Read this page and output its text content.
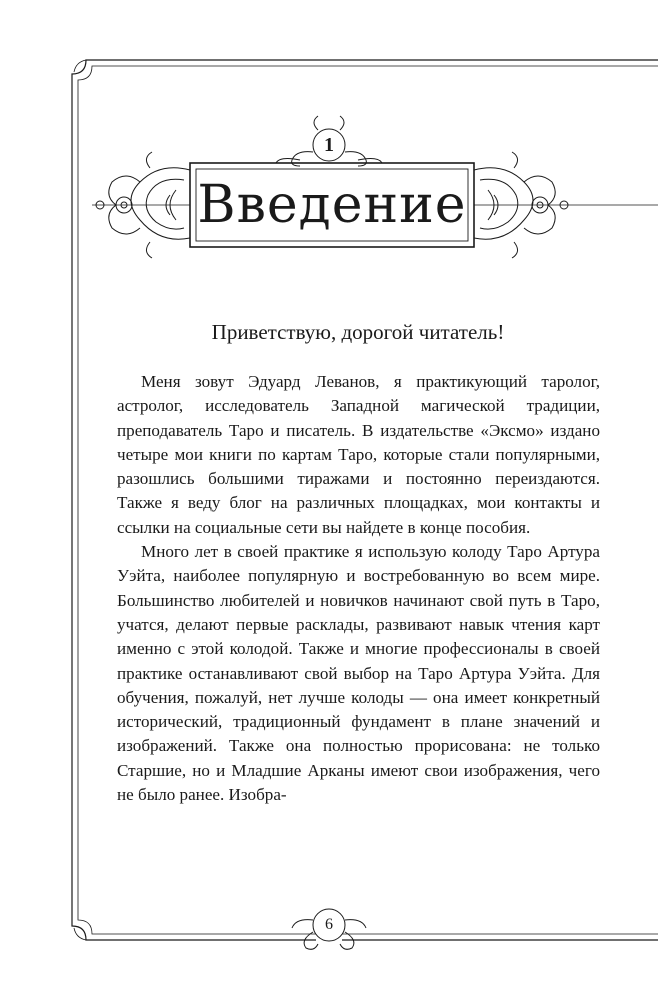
1
Введение
Приветствую, дорогой читатель!

Меня зовут Эдуард Леванов, я практикующий таролог, астролог, исследователь Западной магической традиции, преподаватель Таро и писатель. В издательстве «Эксмо» издано четыре мои книги по картам Таро, которые стали популярными, разошлись большими тиражами и постоянно переиздаются. Также я веду блог на различных площадках, мои контакты и ссылки на социальные сети вы найдете в конце пособия.

Много лет в своей практике я использую колоду Таро Артура Уэйта, наиболее популярную и востребованную во всем мире. Большинство любителей и новичков начинают свой путь в Таро, учатся, делают первые расклады, развивают навык чтения карт именно с этой колодой. Также и многие профессионалы в своей практике останавливают свой выбор на Таро Артура Уэйта. Для обучения, пожалуй, нет лучше колоды — она имеет конкретный исторический, традиционный фундамент в плане значений и изображений. Также она полностью прорисована: не только Старшие, но и Младшие Арканы имеют свои изображения, чего не было ранее. Изобра-

6
